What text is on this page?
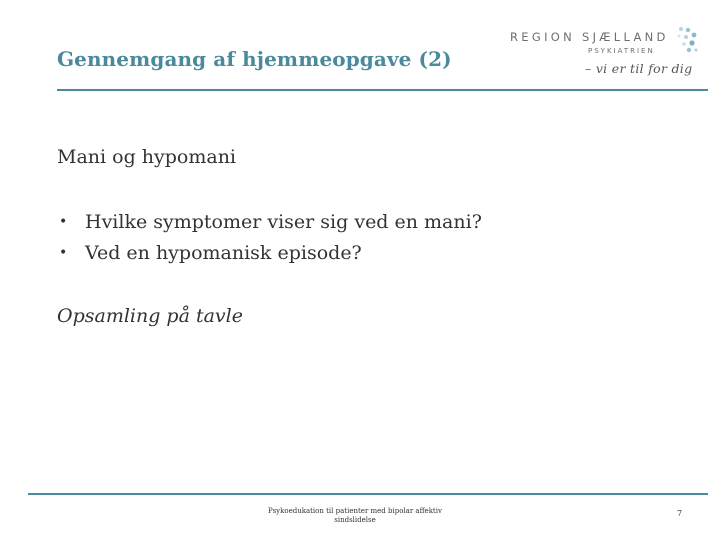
Gennemgang af hjemmeopgave (2)
REGION SJÆLLAND
PSYKIATRIEN
– vi er til for dig
Mani og hypomani
• Hvilke symptomer viser sig ved en mani?
• Ved en hypomanisk episode?
Opsamling på tavle
Psykoedukation til patienter med bipolar affektiv
sindslidelse
7
